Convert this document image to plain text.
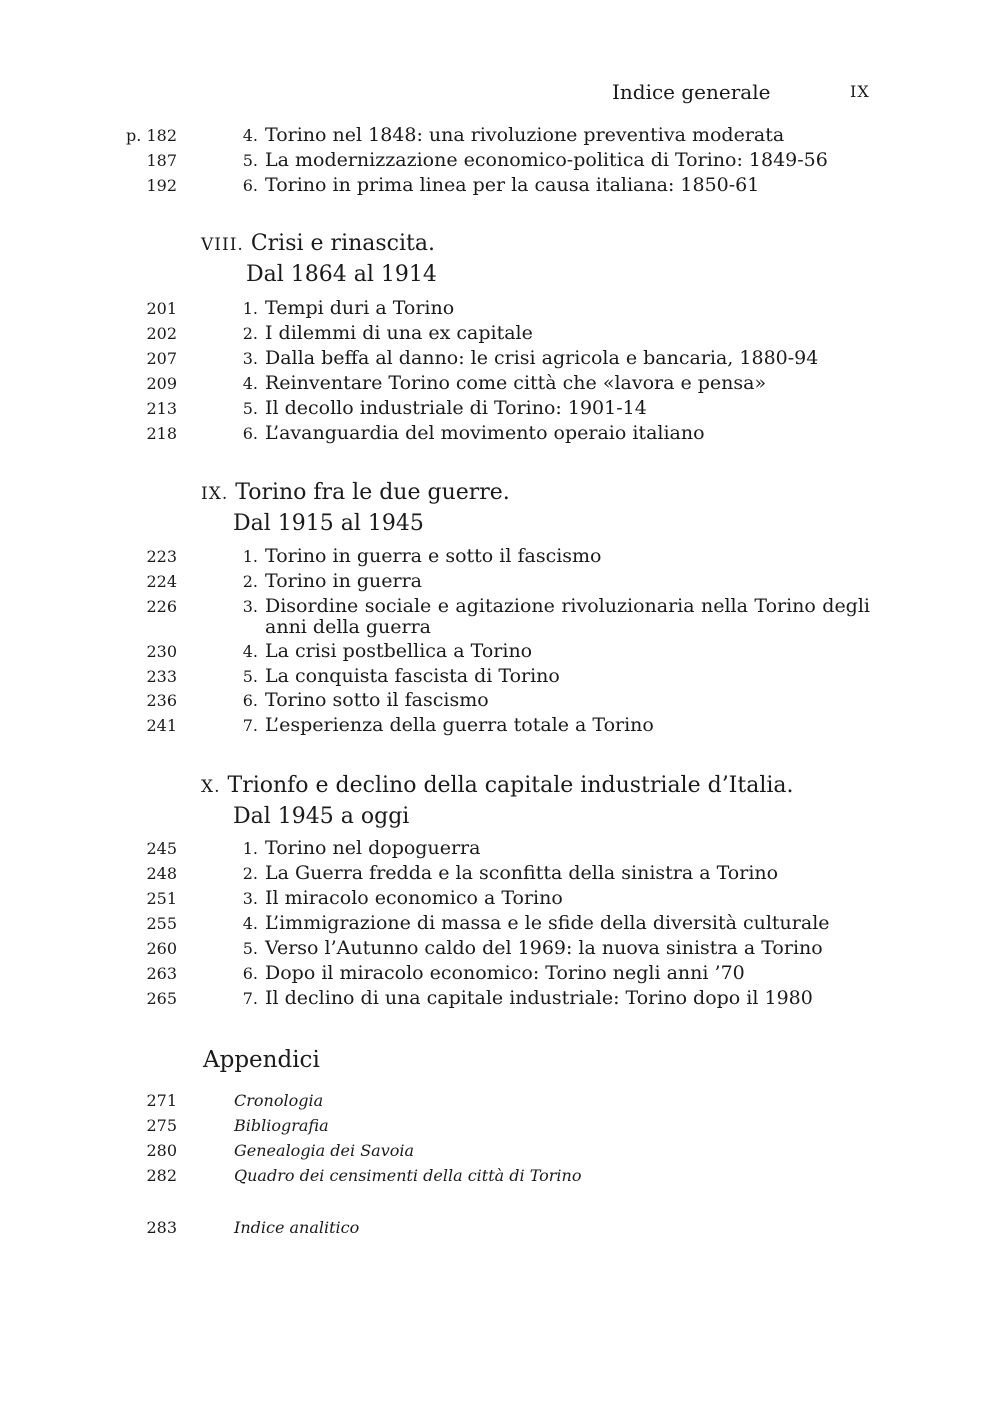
Indice generale	IX
p. 182	4. Torino nel 1848: una rivoluzione preventiva moderata
187	5. La modernizzazione economico-politica di Torino: 1849-56
192	6. Torino in prima linea per la causa italiana: 1850-61
VIII. Crisi e rinascita.
Dal 1864 al 1914
201	1. Tempi duri a Torino
202	2. I dilemmi di una ex capitale
207	3. Dalla beffa al danno: le crisi agricola e bancaria, 1880-94
209	4. Reinventare Torino come città che «lavora e pensa»
213	5. Il decollo industriale di Torino: 1901-14
218	6. L’avanguardia del movimento operaio italiano
IX. Torino fra le due guerre.
Dal 1915 al 1945
223	1. Torino in guerra e sotto il fascismo
224	2. Torino in guerra
226	3. Disordine sociale e agitazione rivoluzionaria nella Torino degli anni della guerra
230	4. La crisi postbellica a Torino
233	5. La conquista fascista di Torino
236	6. Torino sotto il fascismo
241	7. L’esperienza della guerra totale a Torino
X. Trionfo e declino della capitale industriale d’Italia.
Dal 1945 a oggi
245	1. Torino nel dopoguerra
248	2. La Guerra fredda e la sconfitta della sinistra a Torino
251	3. Il miracolo economico a Torino
255	4. L’immigrazione di massa e le sfide della diversità culturale
260	5. Verso l’Autunno caldo del 1969: la nuova sinistra a Torino
263	6. Dopo il miracolo economico: Torino negli anni ’70
265	7. Il declino di una capitale industriale: Torino dopo il 1980
Appendici
271	Cronologia
275	Bibliografia
280	Genealogia dei Savoia
282	Quadro dei censimenti della città di Torino
283	Indice analitico
